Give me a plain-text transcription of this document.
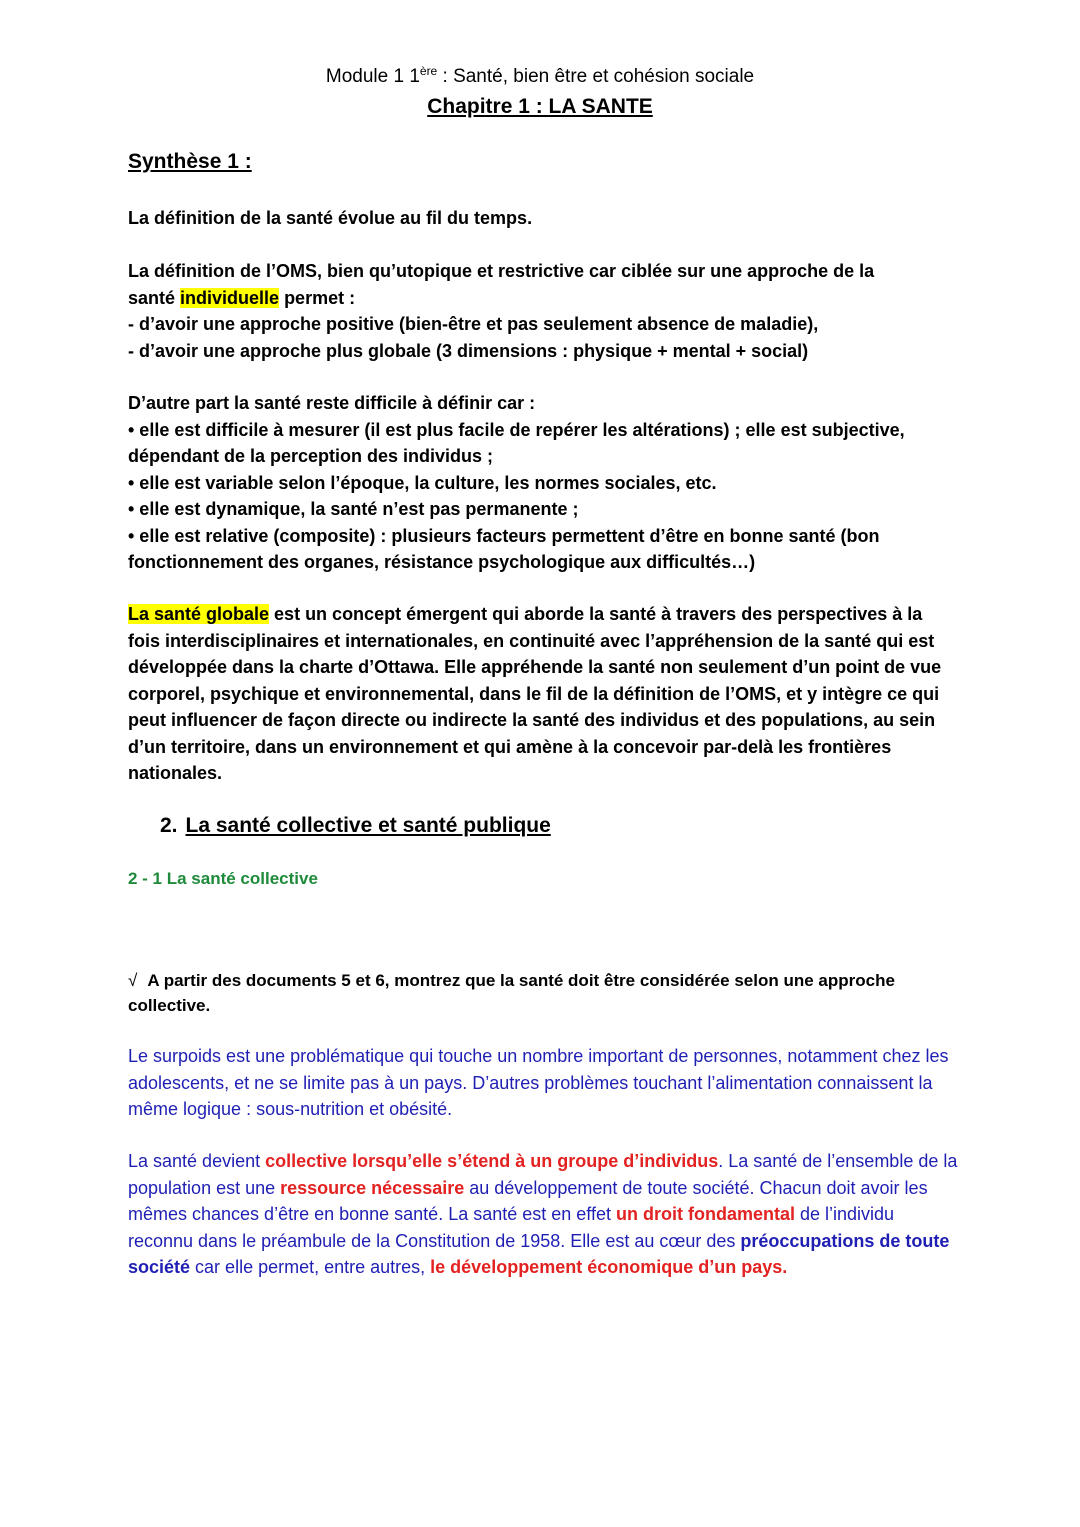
Module 1 1ère : Santé, bien être et cohésion sociale

Chapitre 1 : LA SANTE

Synthèse 1 :

La définition de la santé évolue au fil du temps.

La définition de l’OMS, bien qu’utopique et restrictive car ciblée sur une approche de la
santé individuelle permet :
- d’avoir une approche positive (bien-être et pas seulement absence de maladie),
- d’avoir une approche plus globale (3 dimensions : physique + mental + social)
D’autre part la santé reste difficile à définir car :
• elle est difficile à mesurer (il est plus facile de repérer les altérations) ; elle est subjective, dépendant de la perception des individus ;
• elle est variable selon l’époque, la culture, les normes sociales, etc.
• elle est dynamique, la santé n’est pas permanente ;
• elle est relative (composite) : plusieurs facteurs permettent d’être en bonne santé (bon fonctionnement des organes, résistance psychologique aux difficultés…)

La santé globale est un concept émergent qui aborde la santé à travers des perspectives à la fois interdisciplinaires et internationales, en continuité avec l’appréhension de la santé qui est développée dans la charte d’Ottawa. Elle appréhende la santé non seulement d’un point de vue corporel, psychique et environnemental, dans le fil de la définition de l’OMS, et y intègre ce qui peut influencer de façon directe ou indirecte la santé des individus et des populations, au sein d’un territoire, dans un environnement et qui amène à la concevoir par-delà les frontières nationales.

2. La santé collective et santé publique

2 - 1 La santé collective

√ A partir des documents 5 et 6, montrez que la santé doit être considérée selon une approche collective.

Le surpoids est une problématique qui touche un nombre important de personnes, notamment chez les adolescents, et ne se limite pas à un pays. D’autres problèmes touchant l’alimentation connaissent la même logique : sous-nutrition et obésité.

La santé devient collective lorsqu’elle s’étend à un groupe d’individus. La santé de l’ensemble de la population est une ressource nécessaire au développement de toute société. Chacun doit avoir les mêmes chances d’être en bonne santé. La santé est en effet un droit fondamental de l’individu reconnu dans le préambule de la Constitution de 1958. Elle est au cœur des préoccupations de toute société car elle permet, entre autres, le développement économique d’un pays.
